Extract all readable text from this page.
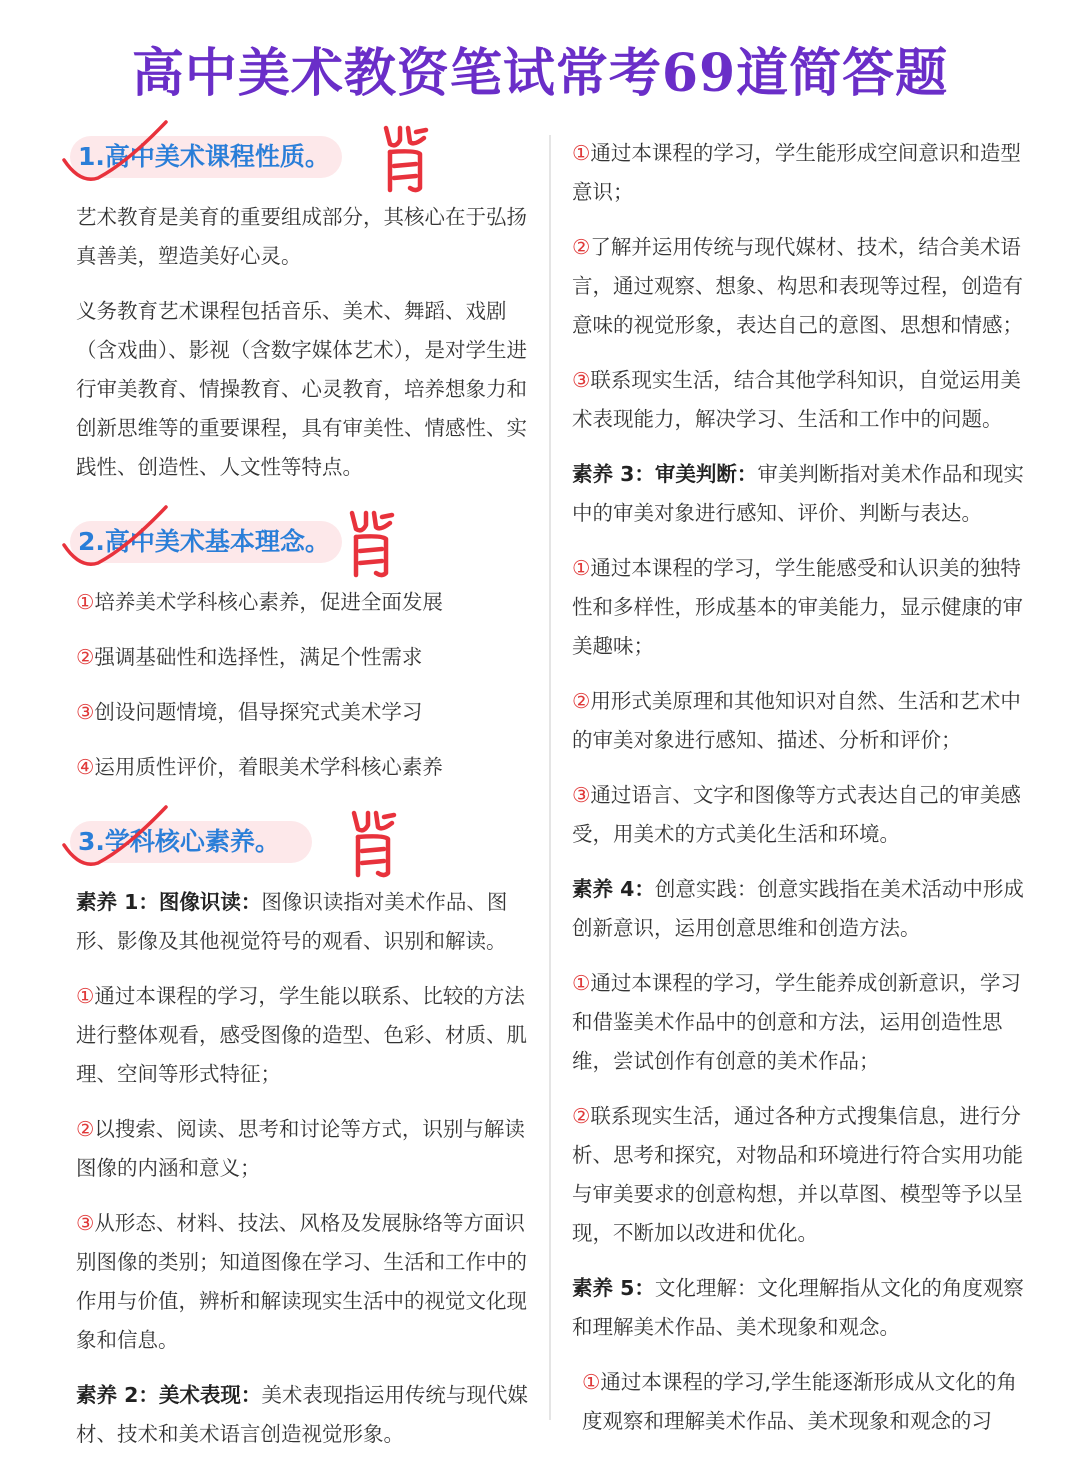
高中美术教资笔试常考69道简答题
1.高中美术课程性质。

艺术教育是美育的重要组成部分，其核心在于弘扬真善美，塑造美好心灵。

义务教育艺术课程包括音乐、美术、舞蹈、戏剧（含戏曲）、影视（含数字媒体艺术），是对学生进行审美教育、情操教育、心灵教育，培养想象力和创新思维等的重要课程，具有审美性、情感性、实践性、创造性、人文性等特点。

2.高中美术基本理念。

①培养美术学科核心素养，促进全面发展

②强调基础性和选择性，满足个性需求

③创设问题情境，倡导探究式美术学习

④运用质性评价，着眼美术学科核心素养

3.学科核心素养。

素养 1：图像识读：图像识读指对美术作品、图形、影像及其他视觉符号的观看、识别和解读。

①通过本课程的学习，学生能以联系、比较的方法进行整体观看，感受图像的造型、色彩、材质、肌理、空间等形式特征；

②以搜索、阅读、思考和讨论等方式，识别与解读图像的内涵和意义；

③从形态、材料、技法、风格及发展脉络等方面识别图像的类别；知道图像在学习、生活和工作中的作用与价值，辨析和解读现实生活中的视觉文化现象和信息。

素养 2：美术表现：美术表现指运用传统与现代媒材、技术和美术语言创造视觉形象。

①通过本课程的学习，学生能形成空间意识和造型意识；

②了解并运用传统与现代媒材、技术，结合美术语言，通过观察、想象、构思和表现等过程，创造有意味的视觉形象，表达自己的意图、思想和情感；

③联系现实生活，结合其他学科知识，自觉运用美术表现能力，解决学习、生活和工作中的问题。

素养 3：审美判断：审美判断指对美术作品和现实中的审美对象进行感知、评价、判断与表达。

①通过本课程的学习，学生能感受和认识美的独特性和多样性，形成基本的审美能力，显示健康的审美趣味；

②用形式美原理和其他知识对自然、生活和艺术中的审美对象进行感知、描述、分析和评价；

③通过语言、文字和图像等方式表达自己的审美感受，用美术的方式美化生活和环境。

素养 4：创意实践：创意实践指在美术活动中形成创新意识，运用创意思维和创造方法。

①通过本课程的学习，学生能养成创新意识，学习和借鉴美术作品中的创意和方法，运用创造性思维，尝试创作有创意的美术作品；

②联系现实生活，通过各种方式搜集信息，进行分析、思考和探究，对物品和环境进行符合实用功能与审美要求的创意构想，并以草图、模型等予以呈现，不断加以改进和优化。

素养 5：文化理解：文化理解指从文化的角度观察和理解美术作品、美术现象和观念。

①通过本课程的学习,学生能逐渐形成从文化的角度观察和理解美术作品、美术现象和观念的习
